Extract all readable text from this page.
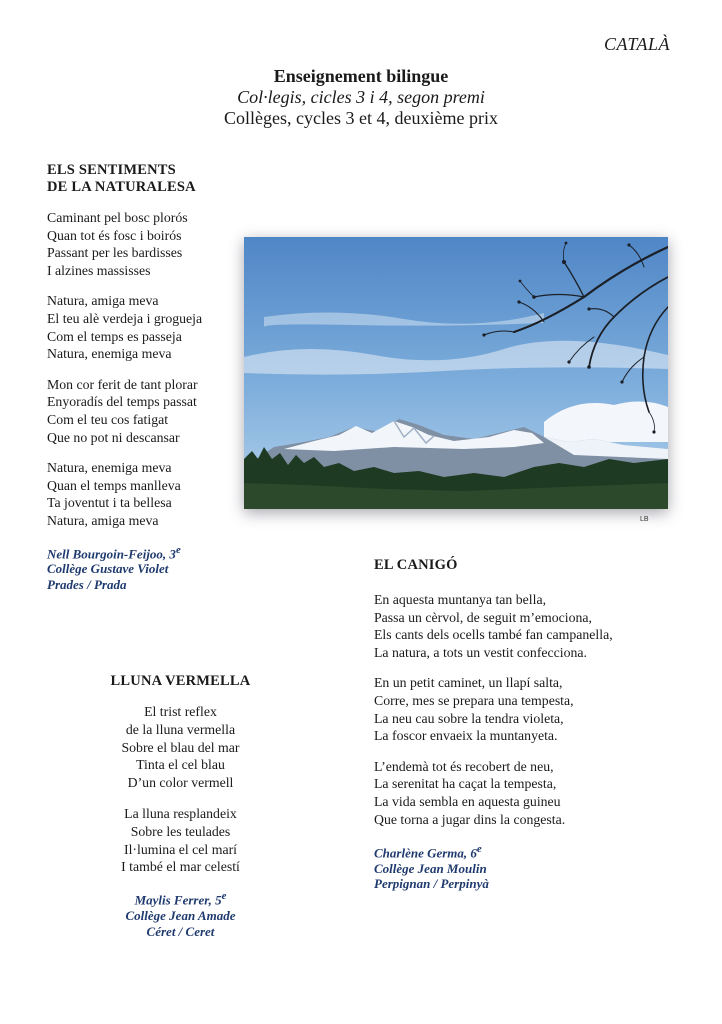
CATALÀ
Enseignement bilingue
Col·legis, cicles 3 i 4, segon premi
Collèges, cycles 3 et 4, deuxième prix
ELS SENTIMENTS
DE LA NATURALESA
Caminant pel bosc plorós
Quan tot és fosc i boirós
Passant per les bardisses
I alzines massisses
Natura, amiga meva
El teu alè verdeja i grogueja
Com el temps es passeja
Natura, enemiga meva
Mon cor ferit de tant plorar
Enyoradís del temps passat
Com el teu cos fatigat
Que no pot ni descansar
Natura, enemiga meva
Quan el temps manlleva
Ta joventut i ta bellesa
Natura, amiga meva
Nell Bourgoin-Feijoo, 3e
Collège Gustave Violet
Prades / Prada
LB
LLUNA VERMELLA
El trist reflex
de la lluna vermella
Sobre el blau del mar
Tinta el cel blau
D’un color vermell
La lluna resplandeix
Sobre les teulades
Il·lumina el cel marí
I també el mar celestí
Maylis Ferrer, 5e
Collège Jean Amade
Céret / Ceret
EL CANIGÓ
En aquesta muntanya tan bella,
Passa un cèrvol, de seguit m’emociona,
Els cants dels ocells també fan campanella,
La natura, a tots un vestit confecciona.
En un petit caminet, un llapí salta,
Corre, mes se prepara una tempesta,
La neu cau sobre la tendra violeta,
La foscor envaeix la muntanyeta.
L’endemà tot és recobert de neu,
La serenitat ha caçat la tempesta,
La vida sembla en aquesta guineu
Que torna a jugar dins la congesta.
Charlène Germa, 6e
Collège Jean Moulin
Perpignan / Perpinyà
